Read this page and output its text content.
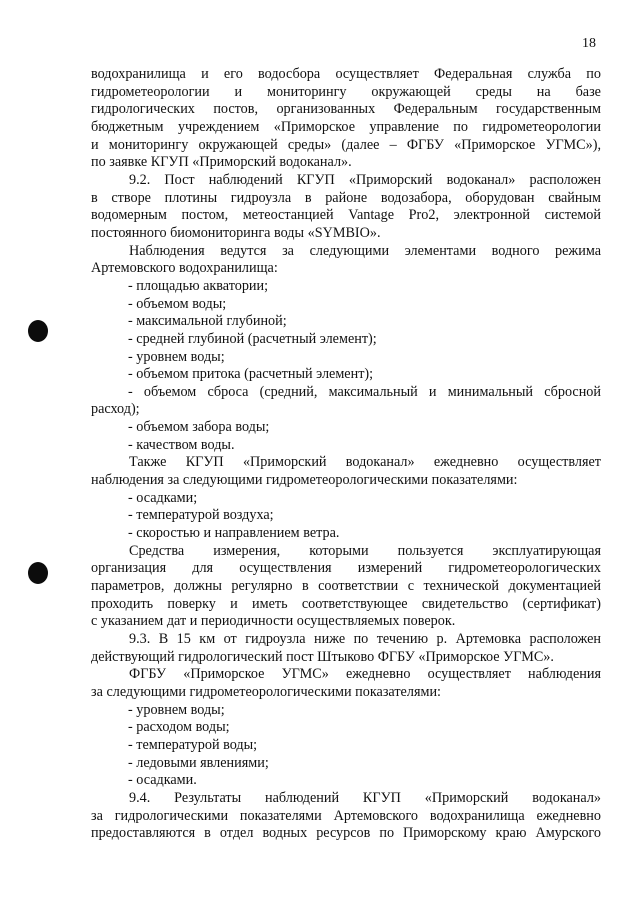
18

водохранилища и его водосбора осуществляет Федеральная служба по

гидрометеорологии и мониторингу окружающей среды на базе

гидрологических постов, организованных Федеральным государственным

бюджетным учреждением «Приморское управление по гидрометеорологии

и мониторингу окружающей среды» (далее – ФГБУ «Приморское УГМС»),

по заявке КГУП «Приморский водоканал».

9.2. Пост наблюдений КГУП «Приморский водоканал» расположен

в створе плотины гидроузла в районе водозабора, оборудован свайным

водомерным постом, метеостанцией Vantage Pro2, электронной системой

постоянного биомониторинга воды «SYMBIO».

Наблюдения ведутся за следующими элементами водного режима

Артемовского водохранилища:

- площадью акватории;

- объемом воды;

- максимальной глубиной;

- средней глубиной (расчетный элемент);

- уровнем воды;

- объемом притока (расчетный элемент);

- объемом сброса (средний, максимальный и минимальный сбросной

расход);

- объемом забора воды;

- качеством воды.

Также КГУП «Приморский водоканал» ежедневно осуществляет

наблюдения за следующими гидрометеорологическими показателями:

- осадками;

- температурой воздуха;

- скоростью и направлением ветра.

Средства измерения, которыми пользуется эксплуатирующая

организация для осуществления измерений гидрометеорологических

параметров, должны регулярно в соответствии с технической документацией

проходить поверку и иметь соответствующее свидетельство (сертификат)

с указанием дат и периодичности осуществляемых поверок.

9.3. В 15 км от гидроузла ниже по течению р. Артемовка расположен

действующий гидрологический пост Штыково ФГБУ «Приморское УГМС».

ФГБУ «Приморское УГМС» ежедневно осуществляет наблюдения

за следующими гидрометеорологическими показателями:

- уровнем воды;

- расходом воды;

- температурой воды;

- ледовыми явлениями;

- осадками.

9.4. Результаты наблюдений КГУП «Приморский водоканал»

за гидрологическими показателями Артемовского водохранилища ежедневно

предоставляются в отдел водных ресурсов по Приморскому краю Амурского
